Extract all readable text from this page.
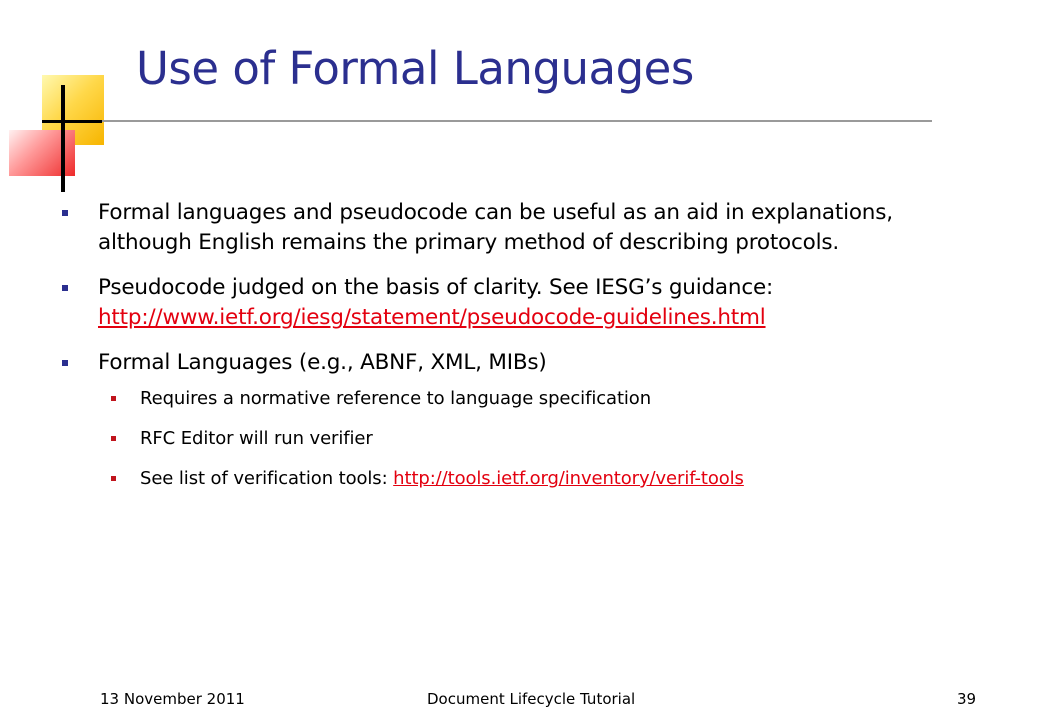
Use of Formal Languages
Formal languages and pseudocode can be useful as an aid in explanations, although English remains the primary method of describing protocols.
Pseudocode judged on the basis of clarity. See IESG’s guidance:
http://www.ietf.org/iesg/statement/pseudocode-guidelines.html
Formal Languages (e.g., ABNF, XML, MIBs)
Requires a normative reference to language specification
RFC Editor will run verifier
See list of verification tools: http://tools.ietf.org/inventory/verif-tools
13 November 2011	Document Lifecycle Tutorial	39
